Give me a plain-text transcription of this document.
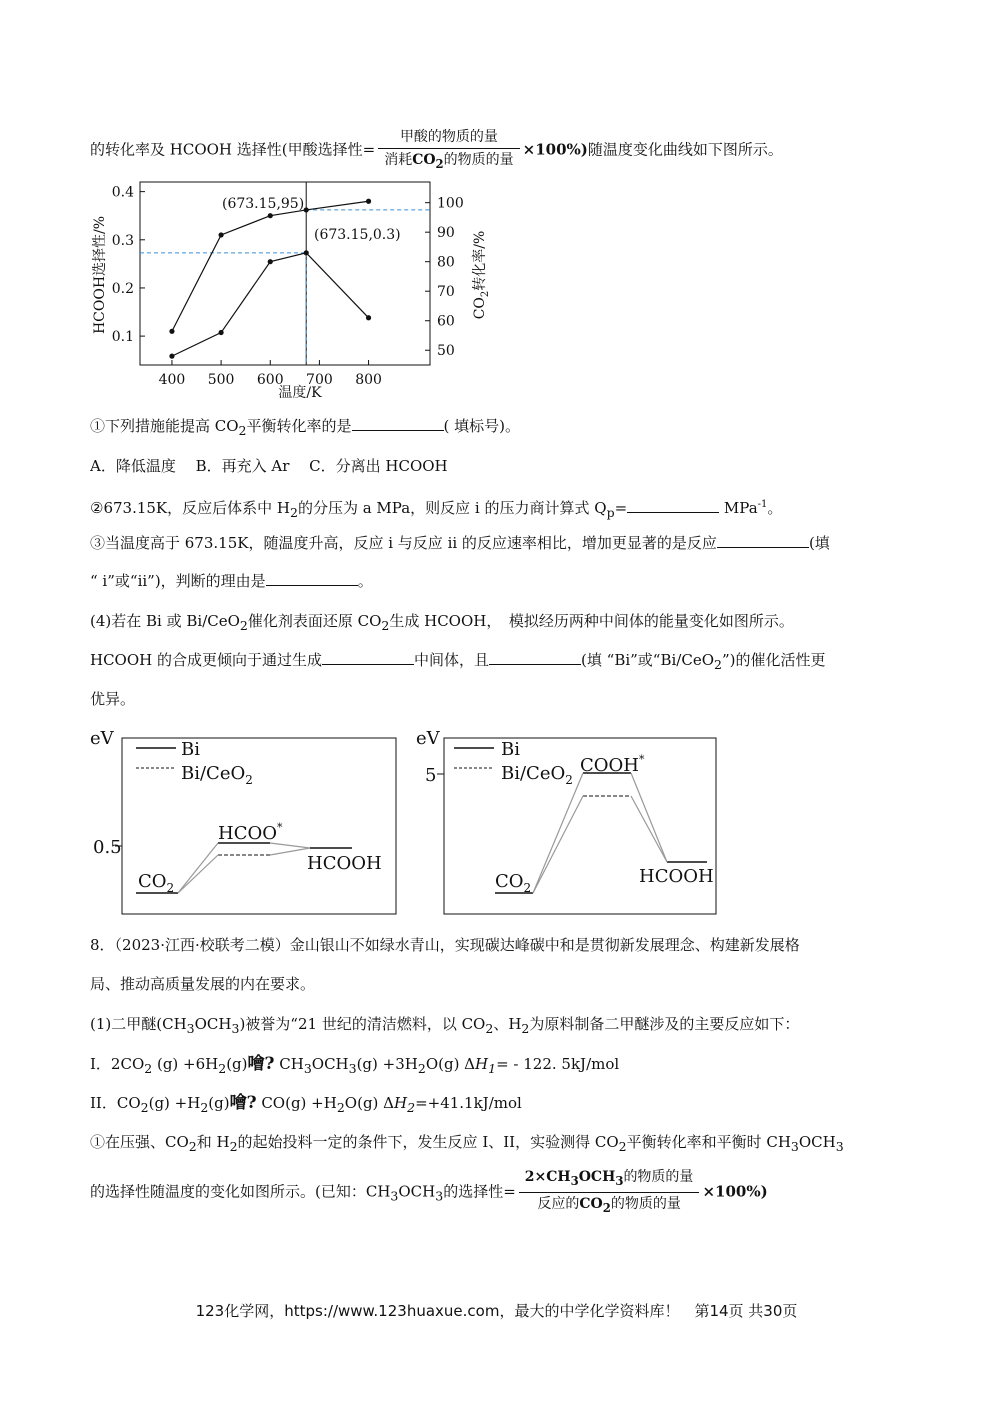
的转化率及 HCOOH 选择性(甲酸选择性= $\frac{\text{甲酸的物质的量}}{消耗CO_2的物质的量} \times 100\%$)随温度变化曲线如下图所示。
400 500 600 700 800
0.1
0.2
0.3
0.4
50
60
70
80
90
100
HCOOH选择性/%	$CO_2$转化率/%
温度/K
(673.15,95)
(673.15,0.3)
①下列措施能提高 $CO_2$平衡转化率的是	( 填标号)。
A．降低温度　 B．再充入 Ar　 C．分离出 HCOOH
②673.15K，反应后体系中 $H_2$的分压为 a MPa，则反应 i 的压力商计算式 $Q_p=$	MPa$^{-1}$。
③当温度高于 673.15K，随温度升高，反应 i 与反应 ii 的反应速率相比，增加更显著的是反应	(填
“ i”或“ii”)，判断的理由是	。
(4)若在 Bi 或 Bi/CeO$_2$催化剂表面还原 $CO_2$生成 HCOOH，　模拟经历两种中间体的能量变化如图所示。
HCOOH 的合成更倾向于通过生成	中间体，且	(填 “Bi”或“Bi/CeO$_2$”)的催化活性更
优异。
eV
0.5
Bi
Bi/CeO$_2$
HCOO*
HCOOH
$CO_2$
eV
5
Bi
Bi/CeO$_2$
COOH*
HCOOH
$CO_2$
8．（2023·江西·校联考二模）金山银山不如绿水青山，实现碳达峰碳中和是贯彻新发展理念、构建新发展格
局、推动高质量发展的内在要求。
(1)二甲醚$(CH_3OCH_3)$被誉为“21 世纪的清洁燃料，以 $CO_2$、$H_2$为原料制备二甲醚涉及的主要反应如下：
I．$2CO_2$ $(g) +6H_2(g)$噲? $CH_3OCH_3(g) +3H_2O(g)$ $\Delta H_1= - 122$. 5kJ/mol
II．$CO_2(g) +H_2(g)$噲? $CO(g) +H_2O(g)$ $\Delta H_2=+41.1kJ$/mol
①在压强、$CO_2$和 $H_2$的起始投料一定的条件下，发生反应 I、II，实验测得 $CO_2$平衡转化率和平衡时 $CH_3OCH_3$
的选择性随温度的变化如图所示。(已知：$CH_3OCH_3$的选择性= $\frac{2\times CH_3OCH_3的物质的量}{反应的CO_2的物质的量} \times 100\%$)
123化学网，https://www.123huaxue.com，最大的中学化学资料库！　第14页 共30页
